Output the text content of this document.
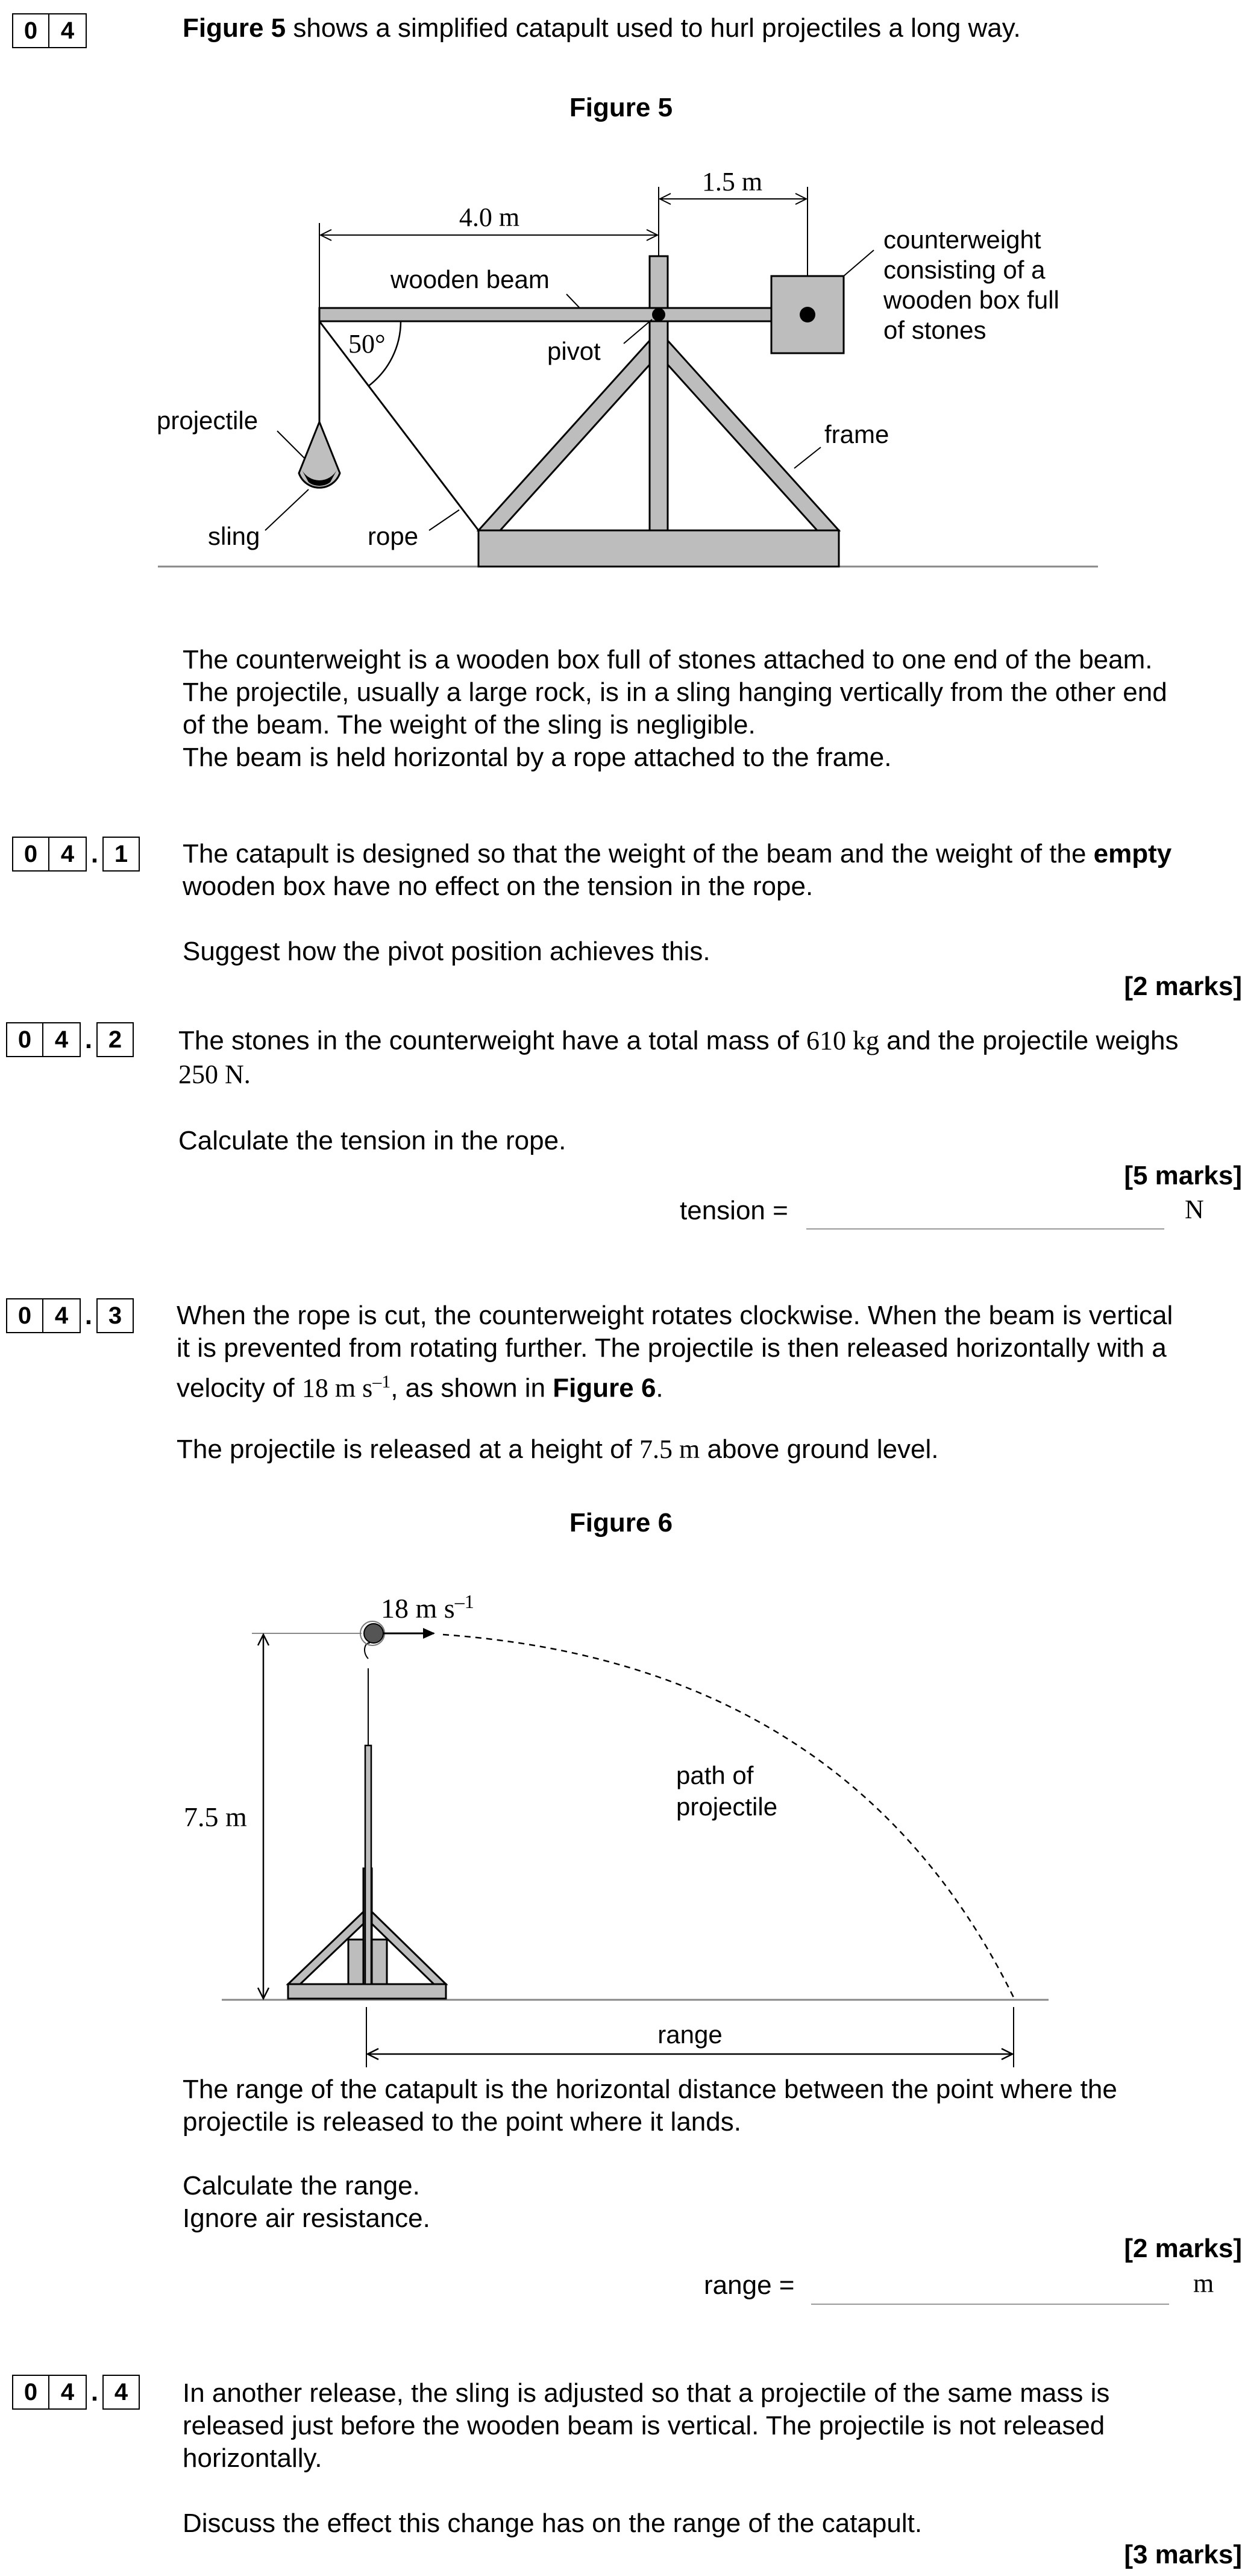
0 4	Figure 5 shows a simplified catapult used to hurl projectiles a long way.
Figure 5
1.5 m
4.0 m
50°
wooden beam
pivot
projectile
sling	rope
frame
counterweight
consisting of a
wooden box full
of stones
The counterweight is a wooden box full of stones attached to one end of the beam.
The projectile, usually a large rock, is in a sling hanging vertically from the other end
of the beam. The weight of the sling is negligible.
The beam is held horizontal by a rope attached to the frame.
0 4 . 1	The catapult is designed so that the weight of the beam and the weight of the empty
wooden box have no effect on the tension in the rope.
Suggest how the pivot position achieves this.
[2 marks]
0 4 . 2	The stones in the counterweight have a total mass of 610 kg and the projectile weighs
250 N.
Calculate the tension in the rope.
[5 marks]
tension =	N
0 4 . 3	When the rope is cut, the counterweight rotates clockwise. When the beam is vertical
it is prevented from rotating further. The projectile is then released horizontally with a
velocity of 18 m $s^{-1}$, as shown in Figure 6.
The projectile is released at a height of 7.5 m above ground level.
Figure 6
18 m $s^{-1}$
7.5 m
path of
projectile
range
The range of the catapult is the horizontal distance between the point where the
projectile is released to the point where it lands.
Calculate the range.
Ignore air resistance.
[2 marks]
range =	m
0 4 . 4	In another release, the sling is adjusted so that a projectile of the same mass is
released just before the wooden beam is vertical. The projectile is not released
horizontally.
Discuss the effect this change has on the range of the catapult.
[3 marks]
